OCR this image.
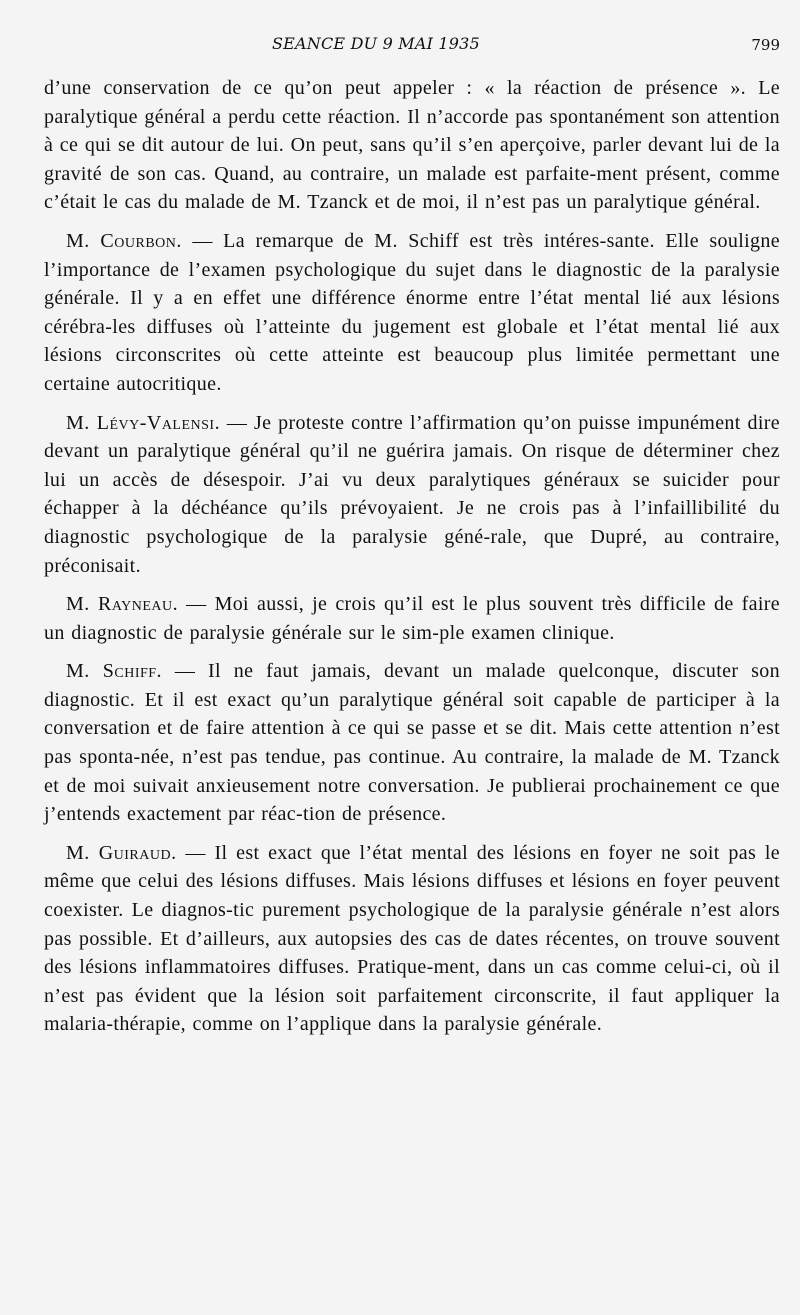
SEANCE DU 9 MAI 1935	799

d’une conservation de ce qu’on peut appeler : « la réaction de présence ». Le paralytique général a perdu cette réaction. Il n’accorde pas spontanément son attention à ce qui se dit autour de lui. On peut, sans qu’il s’en aperçoive, parler devant lui de la gravité de son cas. Quand, au contraire, un malade est parfaite-ment présent, comme c’était le cas du malade de M. Tzanck et de moi, il n’est pas un paralytique général.

M. Courbon. — La remarque de M. Schiff est très intéres-sante. Elle souligne l’importance de l’examen psychologique du sujet dans le diagnostic de la paralysie générale. Il y a en effet une différence énorme entre l’état mental lié aux lésions cérébra-les diffuses où l’atteinte du jugement est globale et l’état mental lié aux lésions circonscrites où cette atteinte est beaucoup plus limitée permettant une certaine autocritique.

M. Lévy-Valensi. — Je proteste contre l’affirmation qu’on puisse impunément dire devant un paralytique général qu’il ne guérira jamais. On risque de déterminer chez lui un accès de désespoir. J’ai vu deux paralytiques généraux se suicider pour échapper à la déchéance qu’ils prévoyaient. Je ne crois pas à l’infaillibilité du diagnostic psychologique de la paralysie géné-rale, que Dupré, au contraire, préconisait.

M. Rayneau. — Moi aussi, je crois qu’il est le plus souvent très difficile de faire un diagnostic de paralysie générale sur le sim-ple examen clinique.

M. Schiff. — Il ne faut jamais, devant un malade quelconque, discuter son diagnostic. Et il est exact qu’un paralytique général soit capable de participer à la conversation et de faire attention à ce qui se passe et se dit. Mais cette attention n’est pas sponta-née, n’est pas tendue, pas continue. Au contraire, la malade de M. Tzanck et de moi suivait anxieusement notre conversation. Je publierai prochainement ce que j’entends exactement par réac-tion de présence.

M. Guiraud. — Il est exact que l’état mental des lésions en foyer ne soit pas le même que celui des lésions diffuses. Mais lésions diffuses et lésions en foyer peuvent coexister. Le diagnos-tic purement psychologique de la paralysie générale n’est alors pas possible. Et d’ailleurs, aux autopsies des cas de dates récentes, on trouve souvent des lésions inflammatoires diffuses. Pratique-ment, dans un cas comme celui-ci, où il n’est pas évident que la lésion soit parfaitement circonscrite, il faut appliquer la malaria-thérapie, comme on l’applique dans la paralysie générale.
